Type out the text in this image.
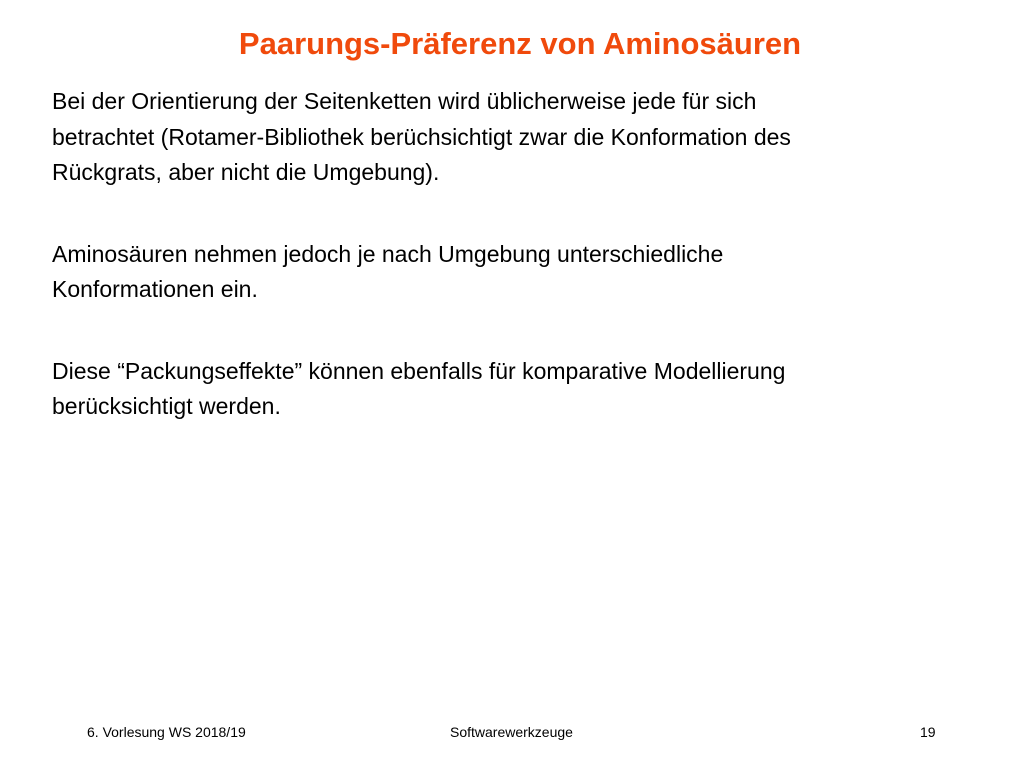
Paarungs-Präferenz von Aminosäuren

Bei der Orientierung der Seitenketten wird üblicherweise jede für sich
betrachtet (Rotamer-Bibliothek berüchsichtigt zwar die Konformation des
Rückgrats, aber nicht die Umgebung).

Aminosäuren nehmen jedoch je nach Umgebung unterschiedliche
Konformationen ein.

Diese “Packungseffekte” können ebenfalls für komparative Modellierung
berücksichtigt werden.

6. Vorlesung WS 2018/19	Softwarewerkzeuge	19
